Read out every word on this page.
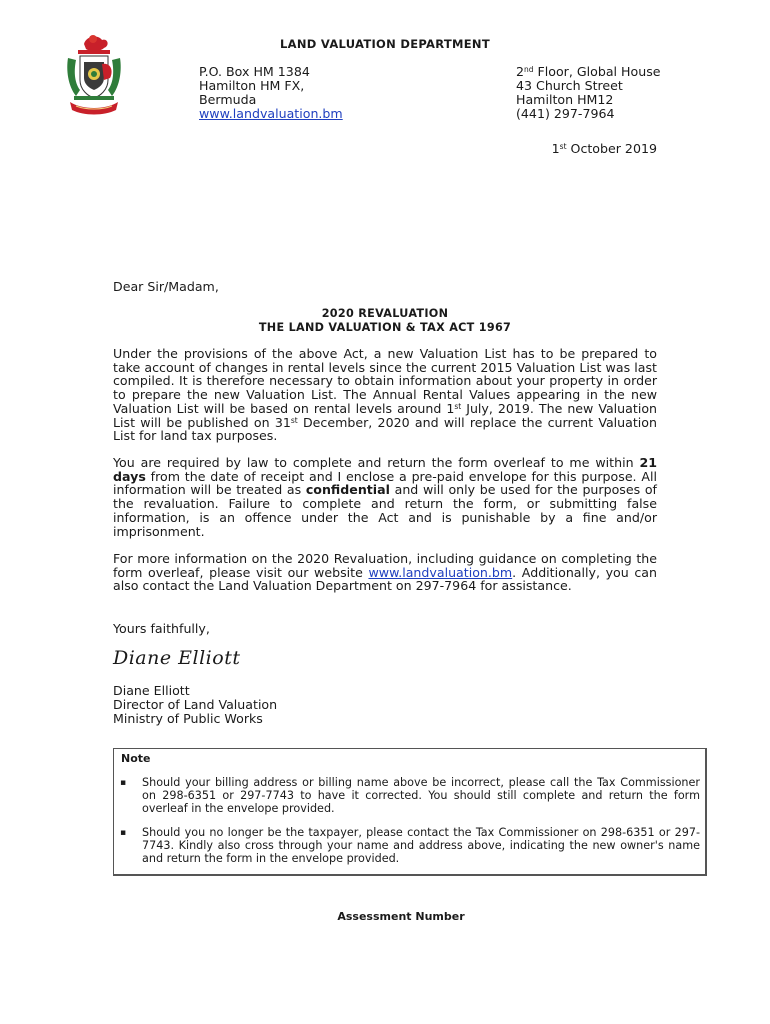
LAND VALUATION DEPARTMENT
P.O. Box HM 1384
Hamilton HM FX,
Bermuda
www.landvaluation.bm
2nd Floor, Global House
43 Church Street
Hamilton HM12
(441) 297-7964
1st October 2019
Dear Sir/Madam,
2020 REVALUATION
THE LAND VALUATION & TAX ACT 1967
Under the provisions of the above Act, a new Valuation List has to be prepared to take account of changes in rental levels since the current 2015 Valuation List was last compiled. It is therefore necessary to obtain information about your property in order to prepare the new Valuation List. The Annual Rental Values appearing in the new Valuation List will be based on rental levels around 1st July, 2019. The new Valuation List will be published on 31st December, 2020 and will replace the current Valuation List for land tax purposes.
You are required by law to complete and return the form overleaf to me within 21 days from the date of receipt and I enclose a pre-paid envelope for this purpose. All information will be treated as confidential and will only be used for the purposes of the revaluation. Failure to complete and return the form, or submitting false information, is an offence under the Act and is punishable by a fine and/or imprisonment.
For more information on the 2020 Revaluation, including guidance on completing the form overleaf, please visit our website www.landvaluation.bm. Additionally, you can also contact the Land Valuation Department on 297-7964 for assistance.
Yours faithfully,
Diane Elliott
Diane Elliott
Director of Land Valuation
Ministry of Public Works
Note
▪ Should your billing address or billing name above be incorrect, please call the Tax Commissioner on 298-6351 or 297-7743 to have it corrected. You should still complete and return the form overleaf in the envelope provided.
▪ Should you no longer be the taxpayer, please contact the Tax Commissioner on 298-6351 or 297-7743. Kindly also cross through your name and address above, indicating the new owner's name and return the form in the envelope provided.
Assessment Number
